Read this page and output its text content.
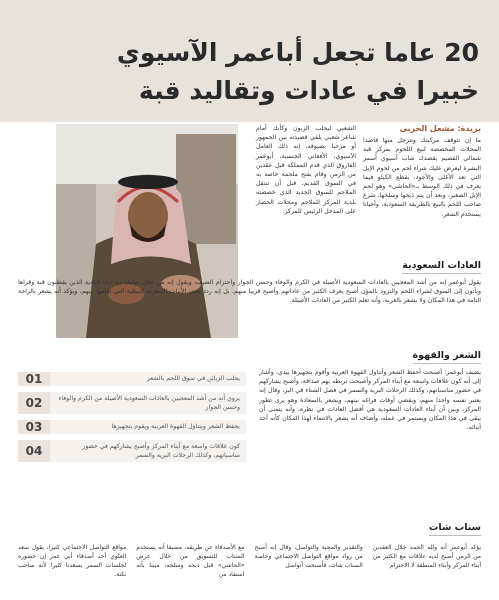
20 عاما تجعل أباعمر الآسيوي
خبيرا في عادات وتقاليد قبة
بريدة: مشعل الحربي
ما إن تتوقف مركبتك وتترجل منها قاصدا المحلات المخصصة لبيع اللحوم بمركز قبة شمالي القصيم يقصدك شاب آسيوي أسمر البشرة ليعرض عليك شراء لحم من لحوم الإبل التي تعد الأغلى والأجود، يقطع الكيلو فيما يعرف في ذلك الوسط بـ«الحاشي» وهو لحم الإبل الصغير، وبعد أن يتم ذبحها وسلخها، شرع صاحب اللحم بالبيع بالطريقة السعودية، وأحيانا يستخدم الشعر.
الشعبي ليجلب الزبون وكأنك أمام شاعر شعبي يلقي قصيدته بين الجمهور أو مرحبا بضيوفه، إنه ذلك العامل الآسيوي، الأفغاني الجنسية، أبوعمر الفاروق الذي قدم للمملكة قبل عقدين من الزمن وقام بفتح ملحمة خاصة به في السوق القديم، قبل أن تنتقل الملاحم للسوق الجديد الذي خصصته بلدية المركز للملاحم ومحلات الخضار على المدخل الرئيس للمركز.
العادات السعودية
يقول أبوعمر إنه من أشد المعجبين بالعادات السعودية الأصيلة في الكرم والوفاء وحسن الجوار واحترام الضيف، ويقول إنه من خلال تعامله مع أبناء البادية الذين يقطنون قبة وقراها ويأتون إلى السوق لشراء اللحم والتزود بالمؤن أصبح يعرف الكثير من عاداتهم وأصبح قريبا منهم، بل إنه ردد بعض الأبيات الشعرية النبطية التي تعلمها منهم، ويؤكد أنه يشعر بالراحة التامة في هذا المكان ولا يشعر بالغربة، وأنه تعلم الكثير من العادات الأصيلة.
الشعر والقهوة
يضيف أبوعمر: أصبحت أحفظ الشعر وأتناول القهوة العربية وأقوم بتجهيزها بيدي، وأشار إلى أنه كون علاقات واسعة مع أبناء المركز وأصبحت تربطه بهم صداقة، وأصبح يشاركهم في حضور مناسباتهم، وكذلك الرحلات البرية والسمر في فصل الشتاء في البر، وقال إنه يعتبر نفسه واحدا منهم، ويقضي أوقات فراغه بينهم، ويشعر بالسعادة وهو يرى تطور المركز، وبين أن أبناء العادات السعودية هي أفضل العادات في نظره، وأنه يتمنى أن يبقى في هذا المكان ويستمر في عمله، وأضاف أنه يشعر بالانتماء لهذا المكان كأنه أحد أبنائه.
01	يجلب الزبائن في سوق اللحم بالشعر
02	يروي أنه من أشد المعجبين بالعادات السعودية الأصيلة من الكرم والوفاء وحسن الجوار
03	يحفظ الشعر ويتناول القهوة العربية ويقوم بتجهيزها
04	كون علاقات واسعة مع أبناء المركز وأصبح يشاركهم في حضور مناسباتهم، وكذلك الرحلات البرية والسمر
سناب شات
يؤكد أبوعمر أنه ولله الحمد خلال العقدين من الزمن أصبح لديه علاقات مع الكثير من أبناء المركز وأبناء المنطقة لا الاحترام
والتقدير والمحبة والتواصل، وقال إنه أصبح من رواد مواقع التواصل الاجتماعي وخاصة السناب شات، فأصبحت أتواصل
مع الأصدقاء عن طريقه، مضيفا أنه يستخدم السناب للتسويق من خلال عرض «الحاشي» قبل ذبحه وسلخه، مبينا بأنه استفاد من
مواقع التواصل الاجتماعي كثيرا، يقول سعد العلوي أحد أصدقاء أبي عمر إن حضوره لجلسات السمر يسعدنا كثيرا لأنه صاحب نكتة.
